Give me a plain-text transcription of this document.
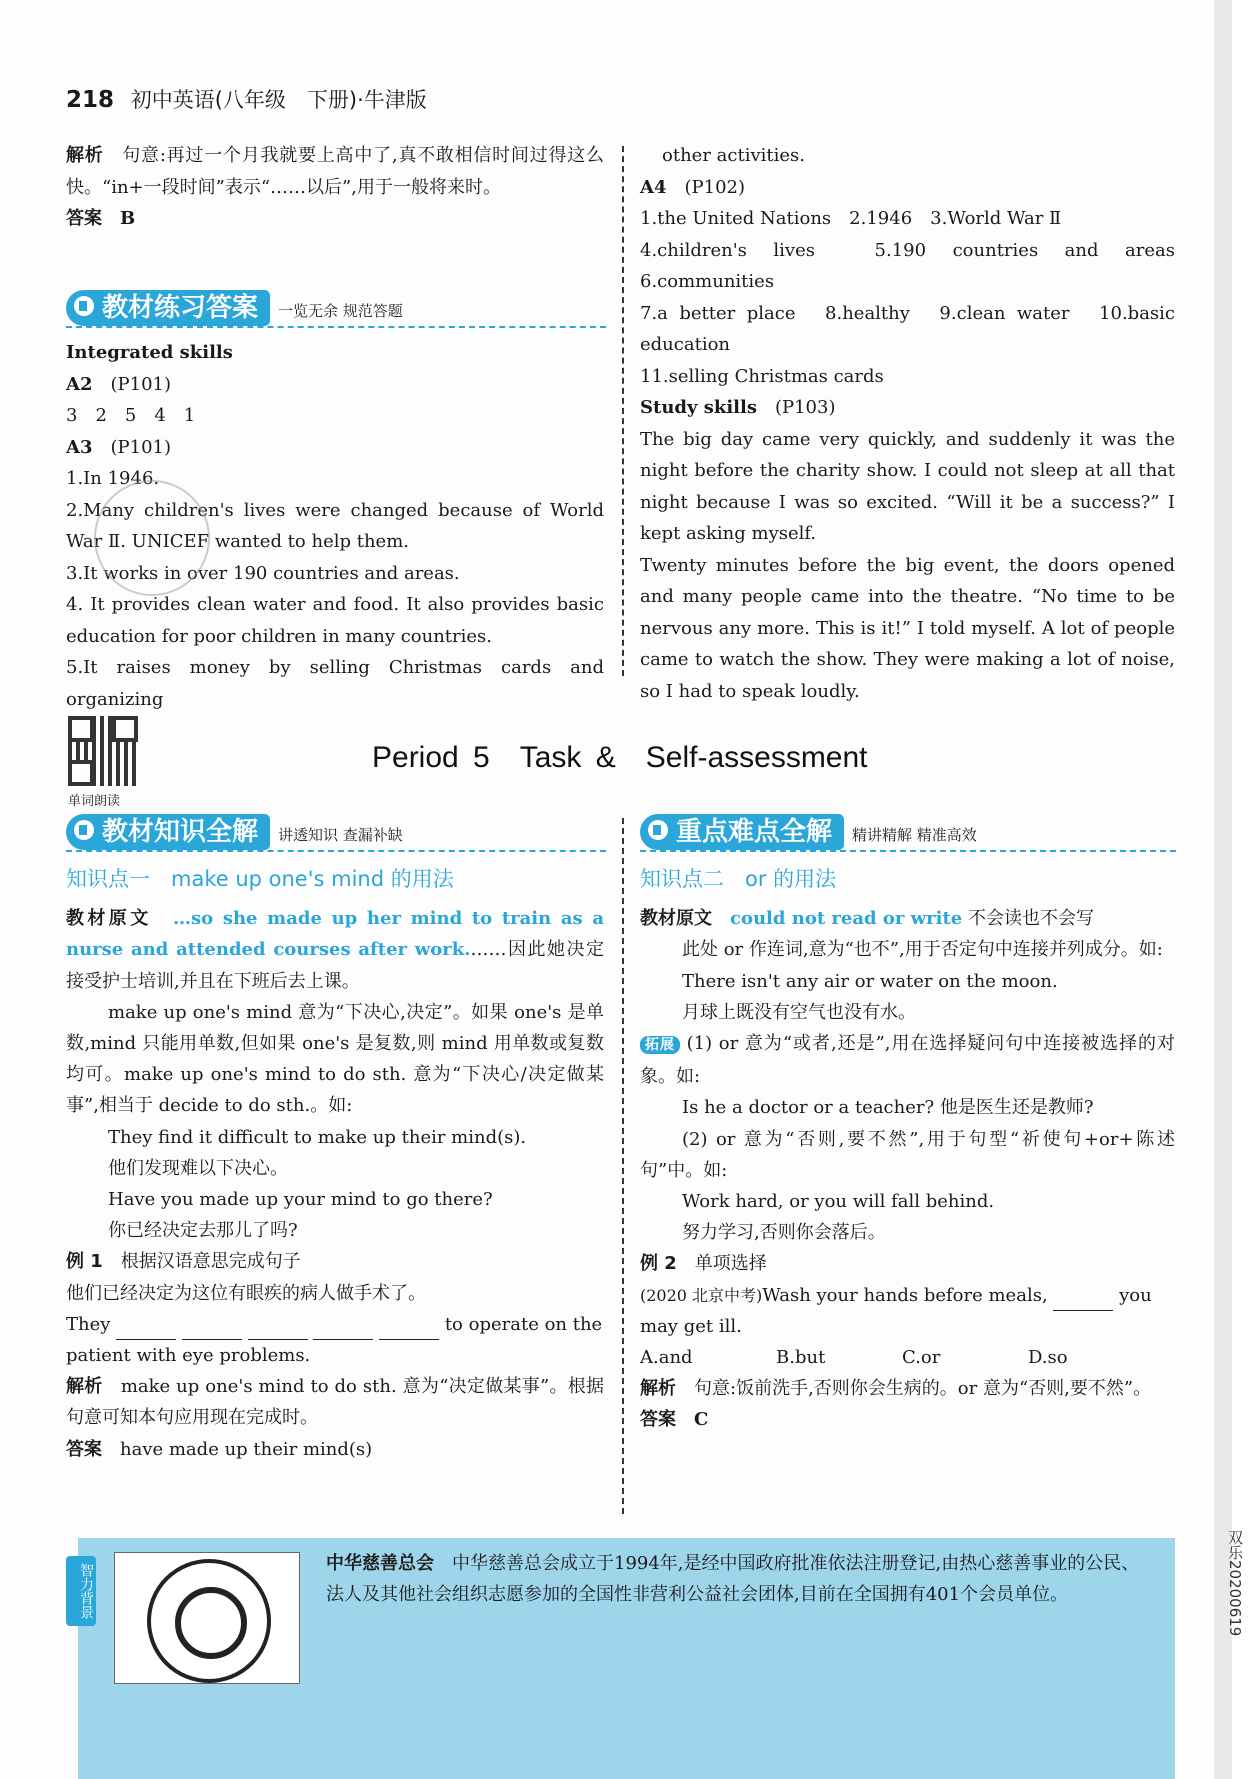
双乐20200619
218 初中英语(八年级　下册)·牛津版
解析　 句意:再过一个月我就要上高中了,真不敢相信时间过得这么快。“in+一段时间”表示“……以后”,用于一般将来时。
答案　 B
教材练习答案 一览无余 规范答题
Integrated skills
A2　 (P101)
3　2　5　4　1
A3　 (P101)
1.In 1946.
2.Many children's lives were changed because of World War Ⅱ. UNICEF wanted to help them.
3.It works in over 190 countries and areas.
4. It provides clean water and food. It also provides basic education for poor children in many countries.
5.It raises money by selling Christmas cards and organizing
other activities.
A4　 (P102)
1.the United Nations　2.1946　3.World War Ⅱ
4.children's lives　5.190 countries and areas　6.communities
7.a better place　8.healthy　9.clean water　10.basic education
11.selling Christmas cards
Study skills　 (P103)
The big day came very quickly, and suddenly it was the night before the charity show. I could not sleep at all that night because I was so excited. “Will it be a success?” I kept asking myself.
Twenty minutes before the big event, the doors opened and many people came into the theatre. “No time to be nervous any more. This is it!” I told myself. A lot of people came to watch the show. They were making a lot of noise, so I had to speak loudly.
单词朗读
Period 5　Task &　Self-assessment
教材知识全解 讲透知识 查漏补缺
知识点一　make up one's mind 的用法
教材原文　 …so she made up her mind to train as a nurse and attended courses after work.……因此她决定接受护士培训,并且在下班后去上课。
make up one's mind 意为“下决心,决定”。如果 one's 是单数,mind 只能用单数,但如果 one's 是复数,则 mind 用单数或复数均可。make up one's mind to do sth. 意为“下决心/决定做某事”,相当于 decide to do sth.。如:
They find it difficult to make up their mind(s).
他们发现难以下决心。
Have you made up your mind to go there?
你已经决定去那儿了吗?
例 1　 根据汉语意思完成句子
他们已经决定为这位有眼疾的病人做手术了。
They	to operate on the
patient with eye problems.
解析　 make up one's mind to do sth. 意为“决定做某事”。根据句意可知本句应用现在完成时。
答案　 have made up their mind(s)
重点难点全解 精讲精解 精准高效
知识点二　or 的用法
教材原文　 could not read or write 不会读也不会写
此处 or 作连词,意为“也不”,用于否定句中连接并列成分。如:
There isn't any air or water on the moon.
月球上既没有空气也没有水。
拓展 (1) or 意为“或者,还是”,用在选择疑问句中连接被选择的对象。如:
Is he a doctor or a teacher? 他是医生还是教师?
(2) or 意为“否则,要不然”,用于句型“祈使句+or+陈述句”中。如:
Work hard, or you will fall behind.
努力学习,否则你会落后。
例 2　 单项选择
(2020 北京中考)Wash your hands before meals,	you
may get ill.
A.and	B.but	C.or	D.so
解析　 句意:饭前洗手,否则你会生病的。or 意为“否则,要不然”。
答案　 C
智力背景	中华慈善总会　 中华慈善总会成立于1994年,是经中国政府批准依法注册登记,由热心慈善事业的公民、法人及其他社会组织志愿参加的全国性非营利公益社会团体,目前在全国拥有401个会员单位。
